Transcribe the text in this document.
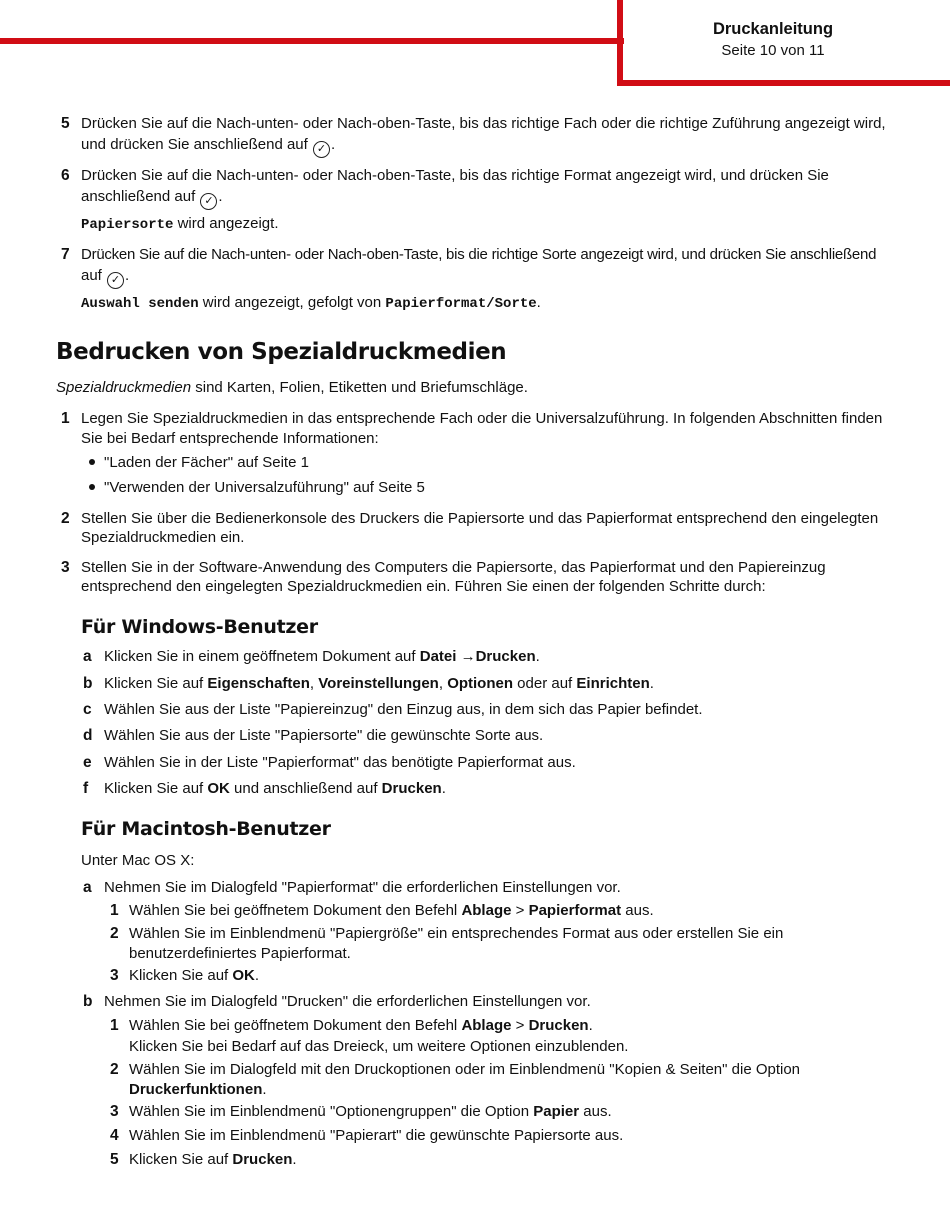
Druckanleitung
Seite 10 von 11
5 Drücken Sie auf die Nach-unten- oder Nach-oben-Taste, bis das richtige Fach oder die richtige Zuführung angezeigt wird,
und drücken Sie anschließend auf ✓ .
6 Drücken Sie auf die Nach-unten- oder Nach-oben-Taste, bis das richtige Format angezeigt wird, und drücken Sie
anschließend auf ✓ .
Papiersorte wird angezeigt.
7 Drücken Sie auf die Nach-unten- oder Nach-oben-Taste, bis die richtige Sorte angezeigt wird, und drücken Sie anschließend
auf ✓ .
Auswahl senden wird angezeigt, gefolgt von Papierformat/Sorte.
Bedrucken von Spezialdruckmedien
Spezialdruckmedien sind Karten, Folien, Etiketten und Briefumschläge.
1 Legen Sie Spezialdruckmedien in das entsprechende Fach oder die Universalzuführung. In folgenden Abschnitten finden
Sie bei Bedarf entsprechende Informationen:
"Laden der Fächer" auf Seite 1
"Verwenden der Universalzuführung" auf Seite 5
2 Stellen Sie über die Bedienerkonsole des Druckers die Papiersorte und das Papierformat entsprechend den eingelegten
Spezialdruckmedien ein.
3 Stellen Sie in der Software-Anwendung des Computers die Papiersorte, das Papierformat und den Papiereinzug
entsprechend den eingelegten Spezialdruckmedien ein. Führen Sie einen der folgenden Schritte durch:
Für Windows-Benutzer
a Klicken Sie in einem geöffnetem Dokument auf Datei →Drucken.
b Klicken Sie auf Eigenschaften, Voreinstellungen, Optionen oder auf Einrichten.
c Wählen Sie aus der Liste "Papiereinzug" den Einzug aus, in dem sich das Papier befindet.
d Wählen Sie aus der Liste "Papiersorte" die gewünschte Sorte aus.
e Wählen Sie in der Liste "Papierformat" das benötigte Papierformat aus.
f Klicken Sie auf OK und anschließend auf Drucken.
Für Macintosh-Benutzer
Unter Mac OS X:
a Nehmen Sie im Dialogfeld "Papierformat" die erforderlichen Einstellungen vor.
1 Wählen Sie bei geöffnetem Dokument den Befehl Ablage > Papierformat aus.
2 Wählen Sie im Einblendmenü "Papiergröße" ein entsprechendes Format aus oder erstellen Sie ein
benutzerdefiniertes Papierformat.
3 Klicken Sie auf OK.
b Nehmen Sie im Dialogfeld "Drucken" die erforderlichen Einstellungen vor.
1 Wählen Sie bei geöffnetem Dokument den Befehl Ablage > Drucken.
Klicken Sie bei Bedarf auf das Dreieck, um weitere Optionen einzublenden.
2 Wählen Sie im Dialogfeld mit den Druckoptionen oder im Einblendmenü "Kopien & Seiten" die Option
Druckerfunktionen.
3 Wählen Sie im Einblendmenü "Optionengruppen" die Option Papier aus.
4 Wählen Sie im Einblendmenü "Papierart" die gewünschte Papiersorte aus.
5 Klicken Sie auf Drucken.
